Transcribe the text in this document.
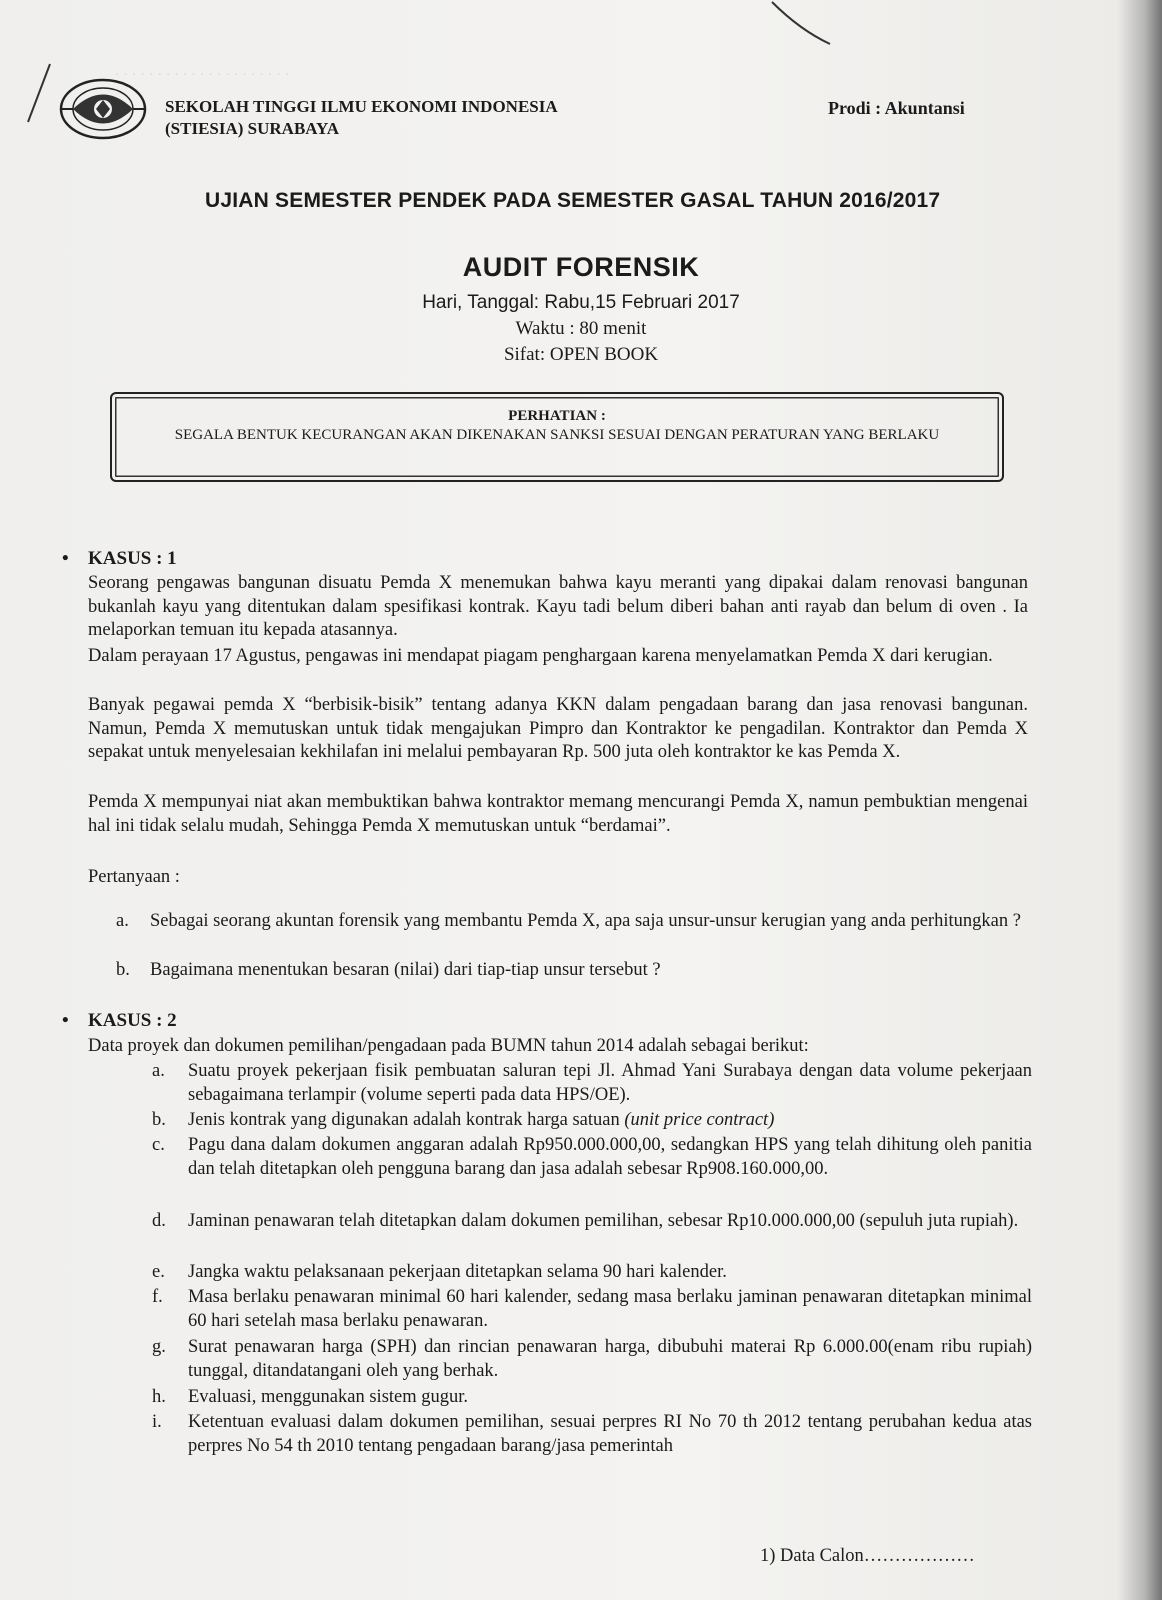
. . . . . . . . . . . . . . . . . . . . .
SEKOLAH TINGGI ILMU EKONOMI INDONESIA
(STIESIA) SURABAYA
Prodi : Akuntansi
UJIAN SEMESTER PENDEK PADA SEMESTER GASAL TAHUN 2016/2017
AUDIT FORENSIK
Hari, Tanggal: Rabu,15 Februari 2017
Waktu : 80 menit
Sifat: OPEN BOOK
PERHATIAN :
SEGALA BENTUK KECURANGAN AKAN DIKENAKAN SANKSI SESUAI DENGAN PERATURAN YANG BERLAKU
• KASUS : 1
Seorang pengawas bangunan disuatu Pemda X menemukan bahwa kayu meranti yang dipakai dalam renovasi bangunan bukanlah kayu yang ditentukan dalam spesifikasi kontrak. Kayu tadi belum diberi bahan anti rayab dan belum di oven . Ia melaporkan temuan itu kepada atasannya.
Dalam perayaan 17 Agustus, pengawas ini mendapat piagam penghargaan karena menyelamatkan Pemda X dari kerugian.
Banyak pegawai pemda X “berbisik-bisik” tentang adanya KKN dalam pengadaan barang dan jasa renovasi bangunan. Namun, Pemda X memutuskan untuk tidak mengajukan Pimpro dan Kontraktor ke pengadilan. Kontraktor dan Pemda X sepakat untuk menyelesaian kekhilafan ini melalui pembayaran Rp. 500 juta oleh kontraktor ke kas Pemda X.
Pemda X mempunyai niat akan membuktikan bahwa kontraktor memang mencurangi Pemda X, namun pembuktian mengenai hal ini tidak selalu mudah, Sehingga Pemda X memutuskan untuk “berdamai”.
Pertanyaan :
a. Sebagai seorang akuntan forensik yang membantu Pemda X, apa saja unsur-unsur kerugian yang anda perhitungkan ?
b. Bagaimana menentukan besaran (nilai) dari tiap-tiap unsur tersebut ?
• KASUS : 2
Data proyek dan dokumen pemilihan/pengadaan pada BUMN tahun 2014 adalah sebagai berikut:
a. Suatu proyek pekerjaan fisik pembuatan saluran tepi Jl. Ahmad Yani Surabaya dengan data volume pekerjaan sebagaimana terlampir (volume seperti pada data HPS/OE).
b. Jenis kontrak yang digunakan adalah kontrak harga satuan (unit price contract)
c. Pagu dana dalam dokumen anggaran adalah Rp950.000.000,00, sedangkan HPS yang telah dihitung oleh panitia dan telah ditetapkan oleh pengguna barang dan jasa adalah sebesar Rp908.160.000,00.
d. Jaminan penawaran telah ditetapkan dalam dokumen pemilihan, sebesar Rp10.000.000,00 (sepuluh juta rupiah).
e. Jangka waktu pelaksanaan pekerjaan ditetapkan selama 90 hari kalender.
f. Masa berlaku penawaran minimal 60 hari kalender, sedang masa berlaku jaminan penawaran ditetapkan minimal 60 hari setelah masa berlaku penawaran.
g. Surat penawaran harga (SPH) dan rincian penawaran harga, dibubuhi materai Rp 6.000.00(enam ribu rupiah) tunggal, ditandatangani oleh yang berhak.
h. Evaluasi, menggunakan sistem gugur.
i. Ketentuan evaluasi dalam dokumen pemilihan, sesuai perpres RI No 70 th 2012 tentang perubahan kedua atas perpres No 54 th 2010 tentang pengadaan barang/jasa pemerintah
1) Data Calon………………
